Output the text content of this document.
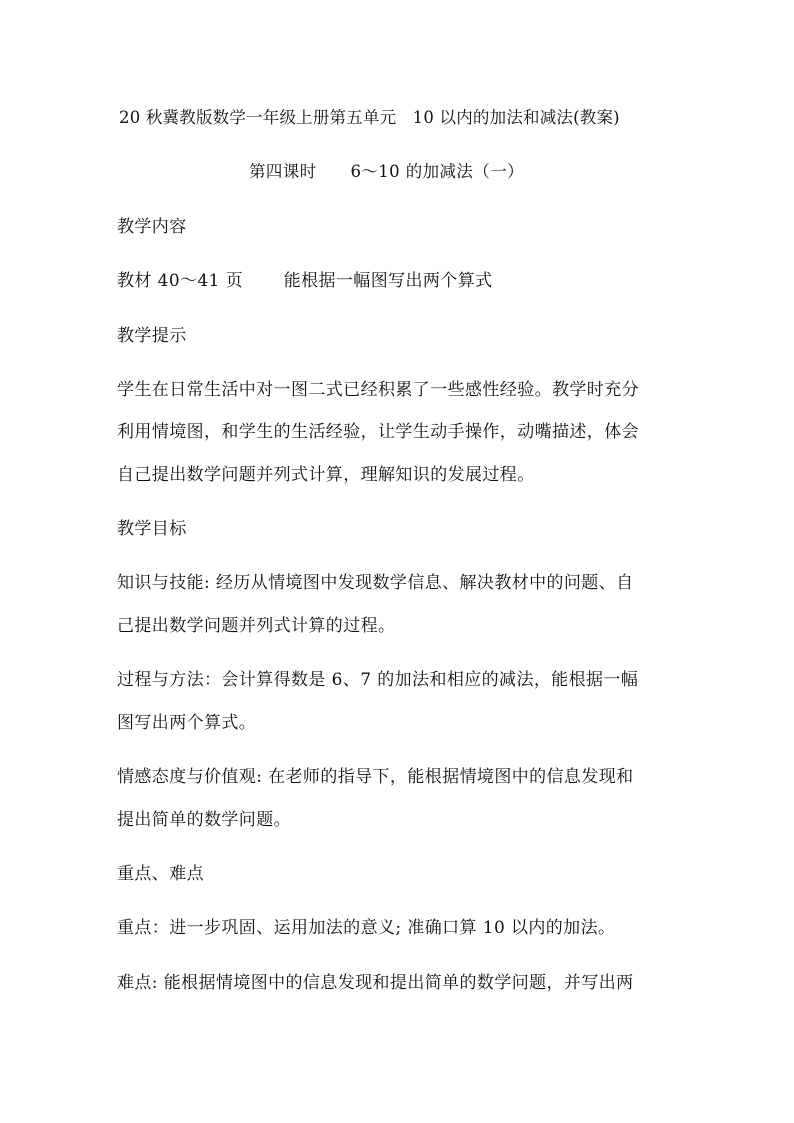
20 秋冀教版数学一年级上册第五单元   10 以内的加法和减法(教案)
第四课时      6～10 的加减法（一）
教学内容
教材 40～41 页       能根据一幅图写出两个算式
教学提示
学生在日常生活中对一图二式已经积累了一些感性经验。教学时充分
利用情境图，和学生的生活经验，让学生动手操作，动嘴描述，体会
自己提出数学问题并列式计算，理解知识的发展过程。
教学目标
知识与技能: 经历从情境图中发现数学信息、解决教材中的问题、自
己提出数学问题并列式计算的过程。
过程与方法：会计算得数是 6、7 的加法和相应的减法，能根据一幅
图写出两个算式。
情感态度与价值观: 在老师的指导下，能根据情境图中的信息发现和
提出简单的数学问题。
重点、难点
重点：进一步巩固、运用加法的意义; 准确口算 10 以内的加法。
难点: 能根据情境图中的信息发现和提出简单的数学问题，并写出两
